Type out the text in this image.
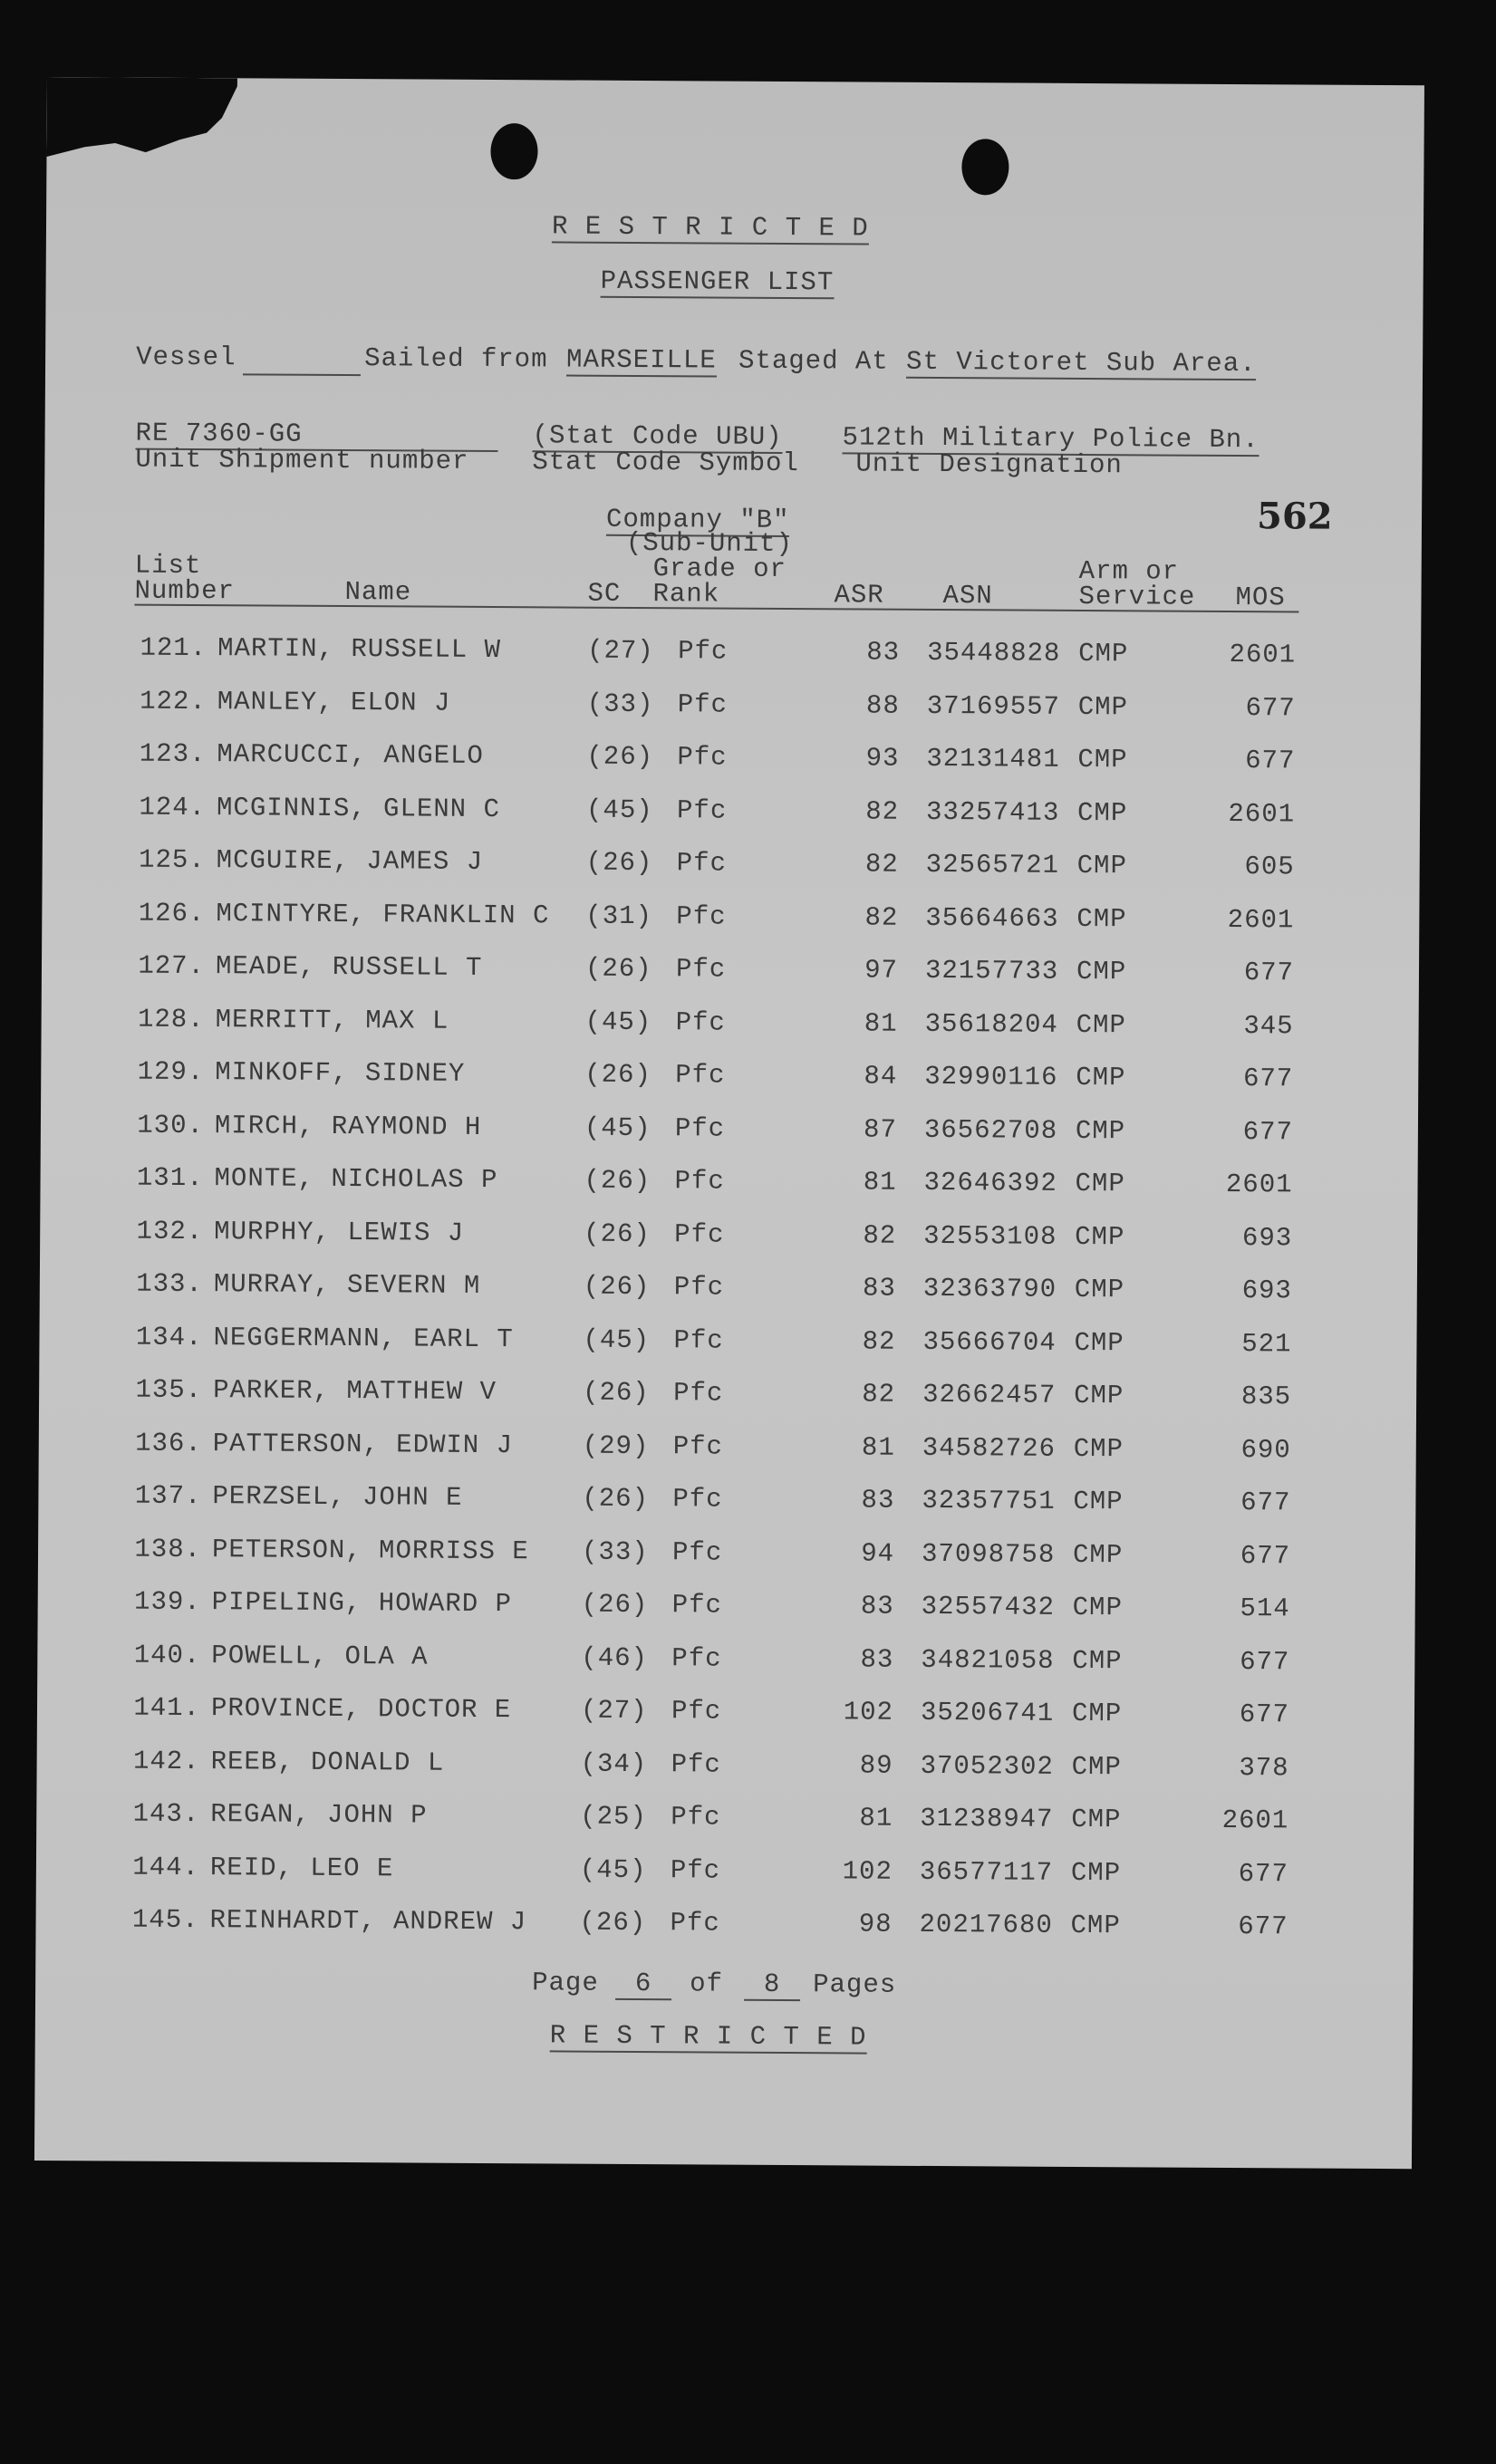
R E S T R I C T E D
PASSENGER LIST
Vessel	Sailed from MARSEILLE Staged At St Victoret Sub Area.
RE 7360-GG	(Stat Code UBU) 512th Military Police Bn.
Unit Shipment number Stat Code Symbol Unit Designation
Company "B"
(Sub-Unit)
562
List
Number	Name	SC
Grade or
Rank	ASR ASN
Arm or
Service MOS
121. MARTIN, RUSSELL W	(27) Pfc	83 35448828 CMP	2601
122. MANLEY, ELON J	(33) Pfc	88 37169557 CMP	677
123. MARCUCCI, ANGELO	(26) Pfc	93 32131481 CMP	677
124. MCGINNIS, GLENN C	(45) Pfc	82 33257413 CMP	2601
125. MCGUIRE, JAMES J	(26) Pfc	82 32565721 CMP	605
126. MCINTYRE, FRANKLIN C (31) Pfc	82 35664663 CMP	2601
127. MEADE, RUSSELL T	(26) Pfc	97 32157733 CMP	677
128. MERRITT, MAX L	(45) Pfc	81 35618204 CMP	345
129. MINKOFF, SIDNEY	(26) Pfc	84 32990116 CMP	677
130. MIRCH, RAYMOND H	(45) Pfc	87 36562708 CMP	677
131. MONTE, NICHOLAS P	(26) Pfc	81 32646392 CMP	2601
132. MURPHY, LEWIS J	(26) Pfc	82 32553108 CMP	693
133. MURRAY, SEVERN M	(26) Pfc	83 32363790 CMP	693
134. NEGGERMANN, EARL T	(45) Pfc	82 35666704 CMP	521
135. PARKER, MATTHEW V	(26) Pfc	82 32662457 CMP	835
136. PATTERSON, EDWIN J	(29) Pfc	81 34582726 CMP	690
137. PERZSEL, JOHN E	(26) Pfc	83 32357751 CMP	677
138. PETERSON, MORRISS E (33) Pfc	94 37098758 CMP	677
139. PIPELING, HOWARD P	(26) Pfc	83 32557432 CMP	514
140. POWELL, OLA A	(46) Pfc	83 34821058 CMP	677
141. PROVINCE, DOCTOR E	(27) Pfc	102 35206741 CMP	677
142. REEB, DONALD L	(34) Pfc	89 37052302 CMP	378
143. REGAN, JOHN P	(25) Pfc	81 31238947 CMP	2601
144. REID, LEO E	(45) Pfc	102 36577117 CMP	677
145. REINHARDT, ANDREW J (26) Pfc	98 20217680 CMP	677
Page	6	of	8	Pages
R E S T R I C T E D
